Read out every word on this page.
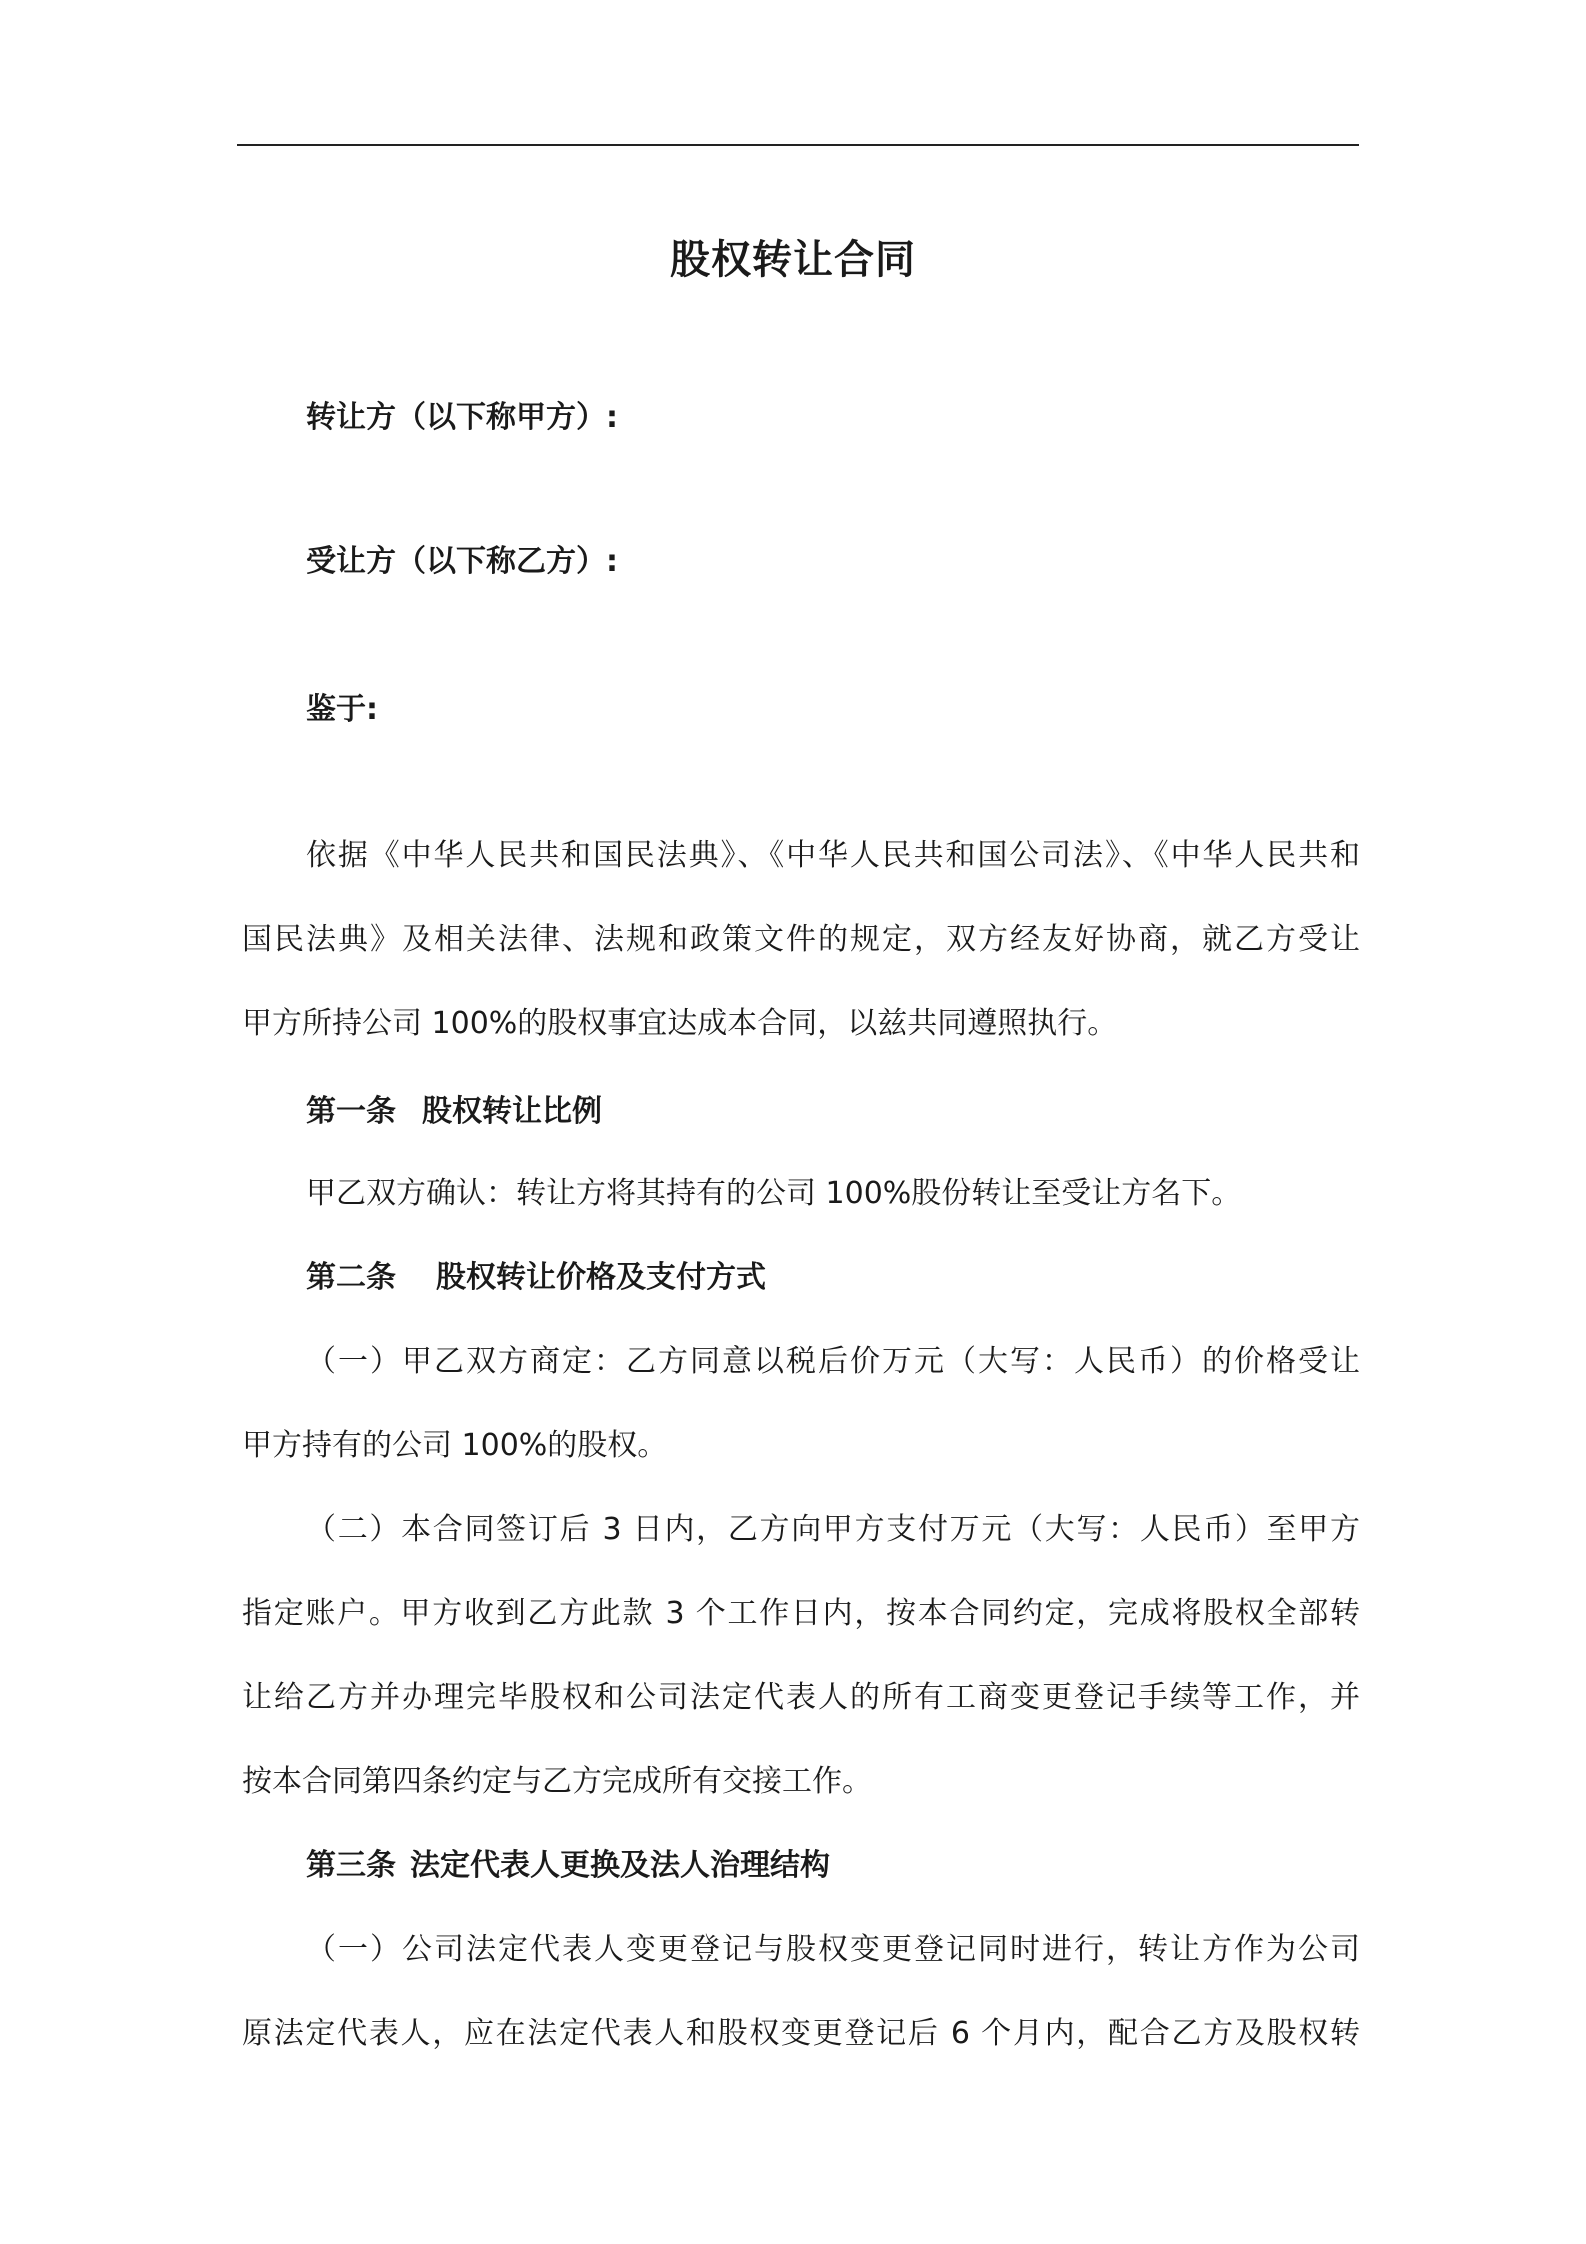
股权转让合同
转让方（以下称甲方）:
受让方（以下称乙方）:
鉴于:
依据《中华人民共和国民法典》、《中华人民共和国公司法》、《中华人民共和
国民法典》及相关法律、法规和政策文件的规定，双方经友好协商，就乙方受让
甲方所持公司 100%的股权事宜达成本合同，以兹共同遵照执行。
第一条 股权转让比例
甲乙双方确认：转让方将其持有的公司 100%股份转让至受让方名下。
第二条 股权转让价格及支付方式
（一）甲乙双方商定：乙方同意以税后价万元（大写：人民币）的价格受让
甲方持有的公司 100%的股权。
（二）本合同签订后 3 日内，乙方向甲方支付万元（大写：人民币）至甲方
指定账户。甲方收到乙方此款 3 个工作日内，按本合同约定，完成将股权全部转
让给乙方并办理完毕股权和公司法定代表人的所有工商变更登记手续等工作，并
按本合同第四条约定与乙方完成所有交接工作。
第三条 法定代表人更换及法人治理结构
（一）公司法定代表人变更登记与股权变更登记同时进行，转让方作为公司
原法定代表人，应在法定代表人和股权变更登记后 6 个月内，配合乙方及股权转
